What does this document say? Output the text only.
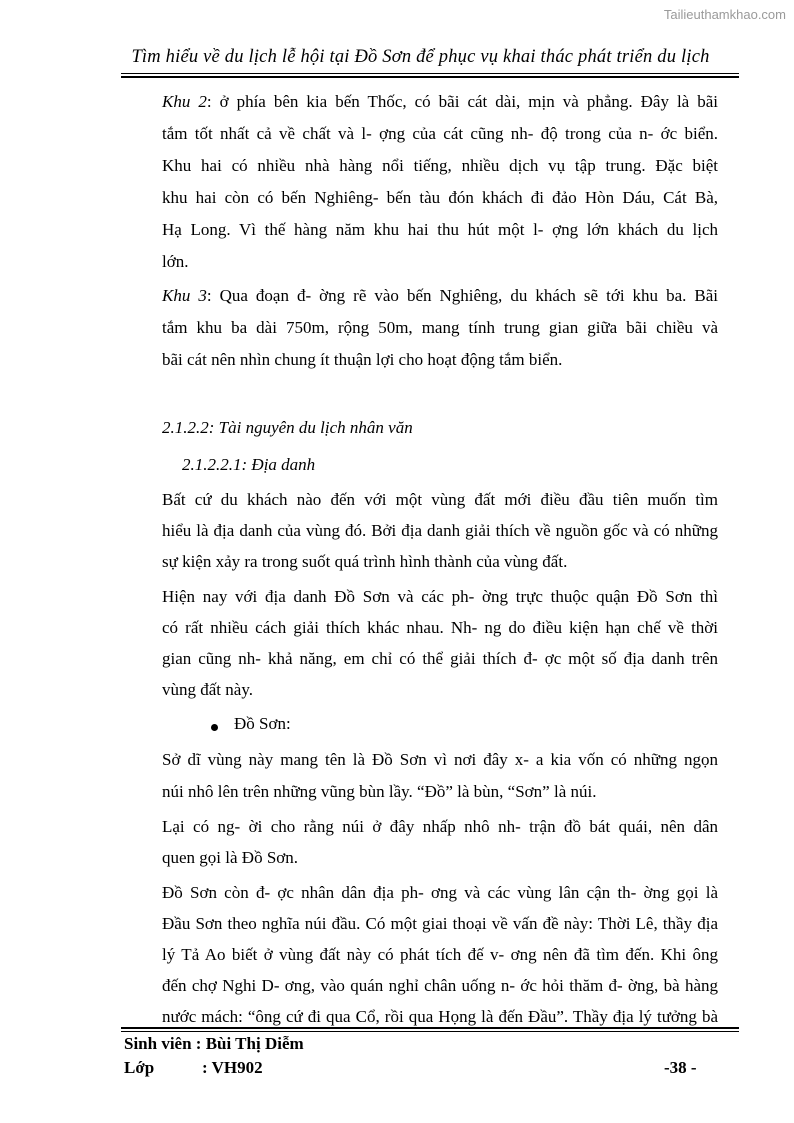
Tailieuthamkhao.com
Tìm hiểu về du lịch lễ hội tại Đồ Sơn để phục vụ khai thác phát triển du lịch
Khu 2: ở phía bên kia bến Thốc, có bãi cát dài, mịn và phẳng. Đây là bãi
tắm tốt nhất cả về chất và l- ợng của cát cũng nh- độ trong của n- ớc biển.
Khu hai có nhiều nhà hàng nổi tiếng, nhiều dịch vụ tập trung. Đặc biệt
khu hai còn có bến Nghiêng- bến tàu đón khách đi đảo Hòn Dáu, Cát Bà,
Hạ Long. Vì thế hàng năm khu hai thu hút một l- ợng lớn khách du lịch
lớn.
Khu 3: Qua đoạn đ- ờng rẽ vào bến Nghiêng, du khách sẽ tới khu ba. Bãi
tắm khu ba dài 750m, rộng 50m, mang tính trung gian giữa bãi chiều và
bãi cát nên nhìn chung ít thuận lợi cho hoạt động tắm biển.
2.1.2.2: Tài nguyên du lịch nhân văn
2.1.2.2.1: Địa danh
Bất cứ du khách nào đến với một vùng đất mới điều đầu tiên muốn tìm
hiểu là địa danh của vùng đó. Bởi địa danh giải thích về nguồn gốc và có những
sự kiện xảy ra trong suốt quá trình hình thành của vùng đất.
Hiện nay với địa danh Đồ Sơn và các ph- ờng trực thuộc quận Đồ Sơn thì
có rất nhiều cách giải thích khác nhau. Nh- ng do điều kiện hạn chế về thời
gian cũng nh- khả năng, em chỉ có thể giải thích đ- ợc một số địa danh trên
vùng đất này.
Đồ Sơn:
Sở dĩ vùng này mang tên là Đồ Sơn vì nơi đây x- a kia vốn có những ngọn
núi nhô lên trên những vũng bùn lầy. “Đồ” là bùn, “Sơn” là núi.
Lại có ng- ời cho rằng núi ở đây nhấp nhô nh- trận đồ bát quái, nên dân
quen gọi là Đồ Sơn.
Đồ Sơn còn đ- ợc nhân dân địa ph- ơng và các vùng lân cận th- ờng gọi là
Đầu Sơn theo nghĩa núi đầu. Có một giai thoại về vấn đề này: Thời Lê, thầy địa
lý Tả Ao biết ở vùng đất này có phát tích đế v- ơng nên đã tìm đến. Khi ông
đến chợ Nghi D- ơng, vào quán nghỉ chân uống n- ớc hỏi thăm đ- ờng, bà hàng
nước mách: “ông cứ đi qua Cổ, rồi qua Họng là đến Đầu”. Thầy địa lý tưởng bà
Sinh viên : Bùi Thị Diễm
Lớp	: VH902	-38 -
